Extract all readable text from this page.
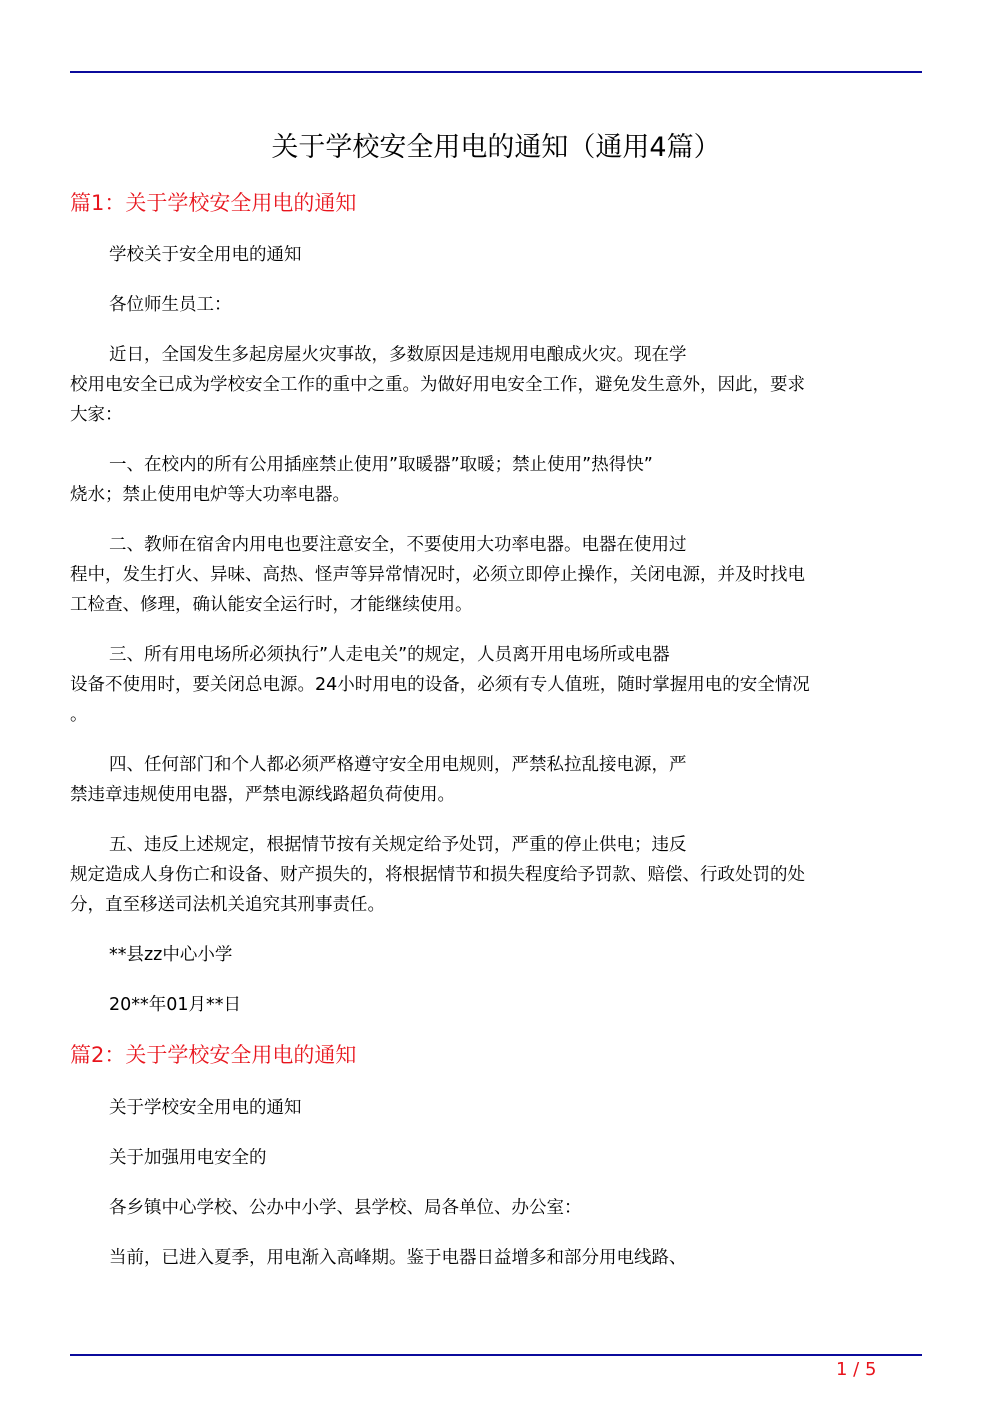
关于学校安全用电的通知（通用4篇）
篇1：关于学校安全用电的通知
学校关于安全用电的通知
各位师生员工：
近日，全国发生多起房屋火灾事故，多数原因是违规用电酿成火灾。现在学
校用电安全已成为学校安全工作的重中之重。为做好用电安全工作，避免发生意外，因此，要求
大家：
一、在校内的所有公用插座禁止使用”取暖器”取暖；禁止使用”热得快”
烧水；禁止使用电炉等大功率电器。
二、教师在宿舍内用电也要注意安全，不要使用大功率电器。电器在使用过
程中，发生打火、异味、高热、怪声等异常情况时，必须立即停止操作，关闭电源，并及时找电
工检查、修理，确认能安全运行时，才能继续使用。
三、所有用电场所必须执行”人走电关”的规定，人员离开用电场所或电器
设备不使用时，要关闭总电源。24小时用电的设备，必须有专人值班，随时掌握用电的安全情况
。
四、任何部门和个人都必须严格遵守安全用电规则，严禁私拉乱接电源，严
禁违章违规使用电器，严禁电源线路超负荷使用。
五、违反上述规定，根据情节按有关规定给予处罚，严重的停止供电；违反
规定造成人身伤亡和设备、财产损失的，将根据情节和损失程度给予罚款、赔偿、行政处罚的处
分，直至移送司法机关追究其刑事责任。
**县zz中心小学
20**年01月**日
篇2：关于学校安全用电的通知
关于学校安全用电的通知
关于加强用电安全的
各乡镇中心学校、公办中小学、县学校、局各单位、办公室：
当前，已进入夏季，用电渐入高峰期。鉴于电器日益增多和部分用电线路、
1 / 5
